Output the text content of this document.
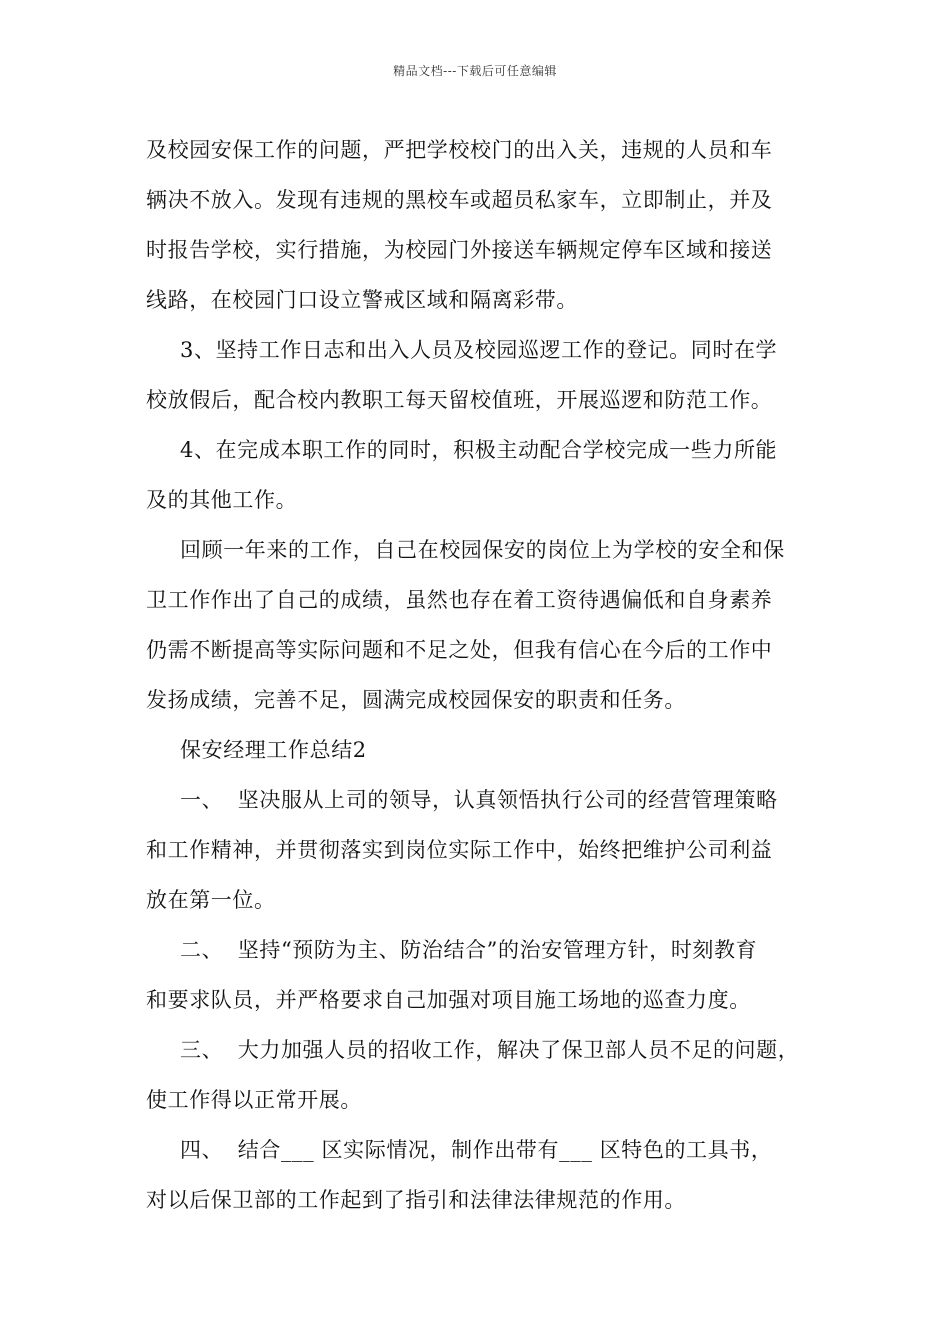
精品文档---下载后可任意编辑
及校园安保工作的问题，严把学校校门的出入关，违规的人员和车
辆决不放入。发现有违规的黑校车或超员私家车，立即制止，并及
时报告学校，实行措施，为校园门外接送车辆规定停车区域和接送
线路，在校园门口设立警戒区域和隔离彩带。
3、坚持工作日志和出入人员及校园巡逻工作的登记。同时在学
校放假后，配合校内教职工每天留校值班，开展巡逻和防范工作。
4、在完成本职工作的同时，积极主动配合学校完成一些力所能
及的其他工作。
回顾一年来的工作，自己在校园保安的岗位上为学校的安全和保
卫工作作出了自己的成绩，虽然也存在着工资待遇偏低和自身素养
仍需不断提高等实际问题和不足之处，但我有信心在今后的工作中
发扬成绩，完善不足，圆满完成校园保安的职责和任务。
保安经理工作总结2
一、  坚决服从上司的领导，认真领悟执行公司的经营管理策略
和工作精神，并贯彻落实到岗位实际工作中，始终把维护公司利益
放在第一位。
二、  坚持“预防为主、防治结合”的治安管理方针，时刻教育
和要求队员，并严格要求自己加强对项目施工场地的巡查力度。
三、  大力加强人员的招收工作，解决了保卫部人员不足的问题，
使工作得以正常开展。
四、  结合___ 区实际情况，制作出带有___ 区特色的工具书，
对以后保卫部的工作起到了指引和法律法律规范的作用。
